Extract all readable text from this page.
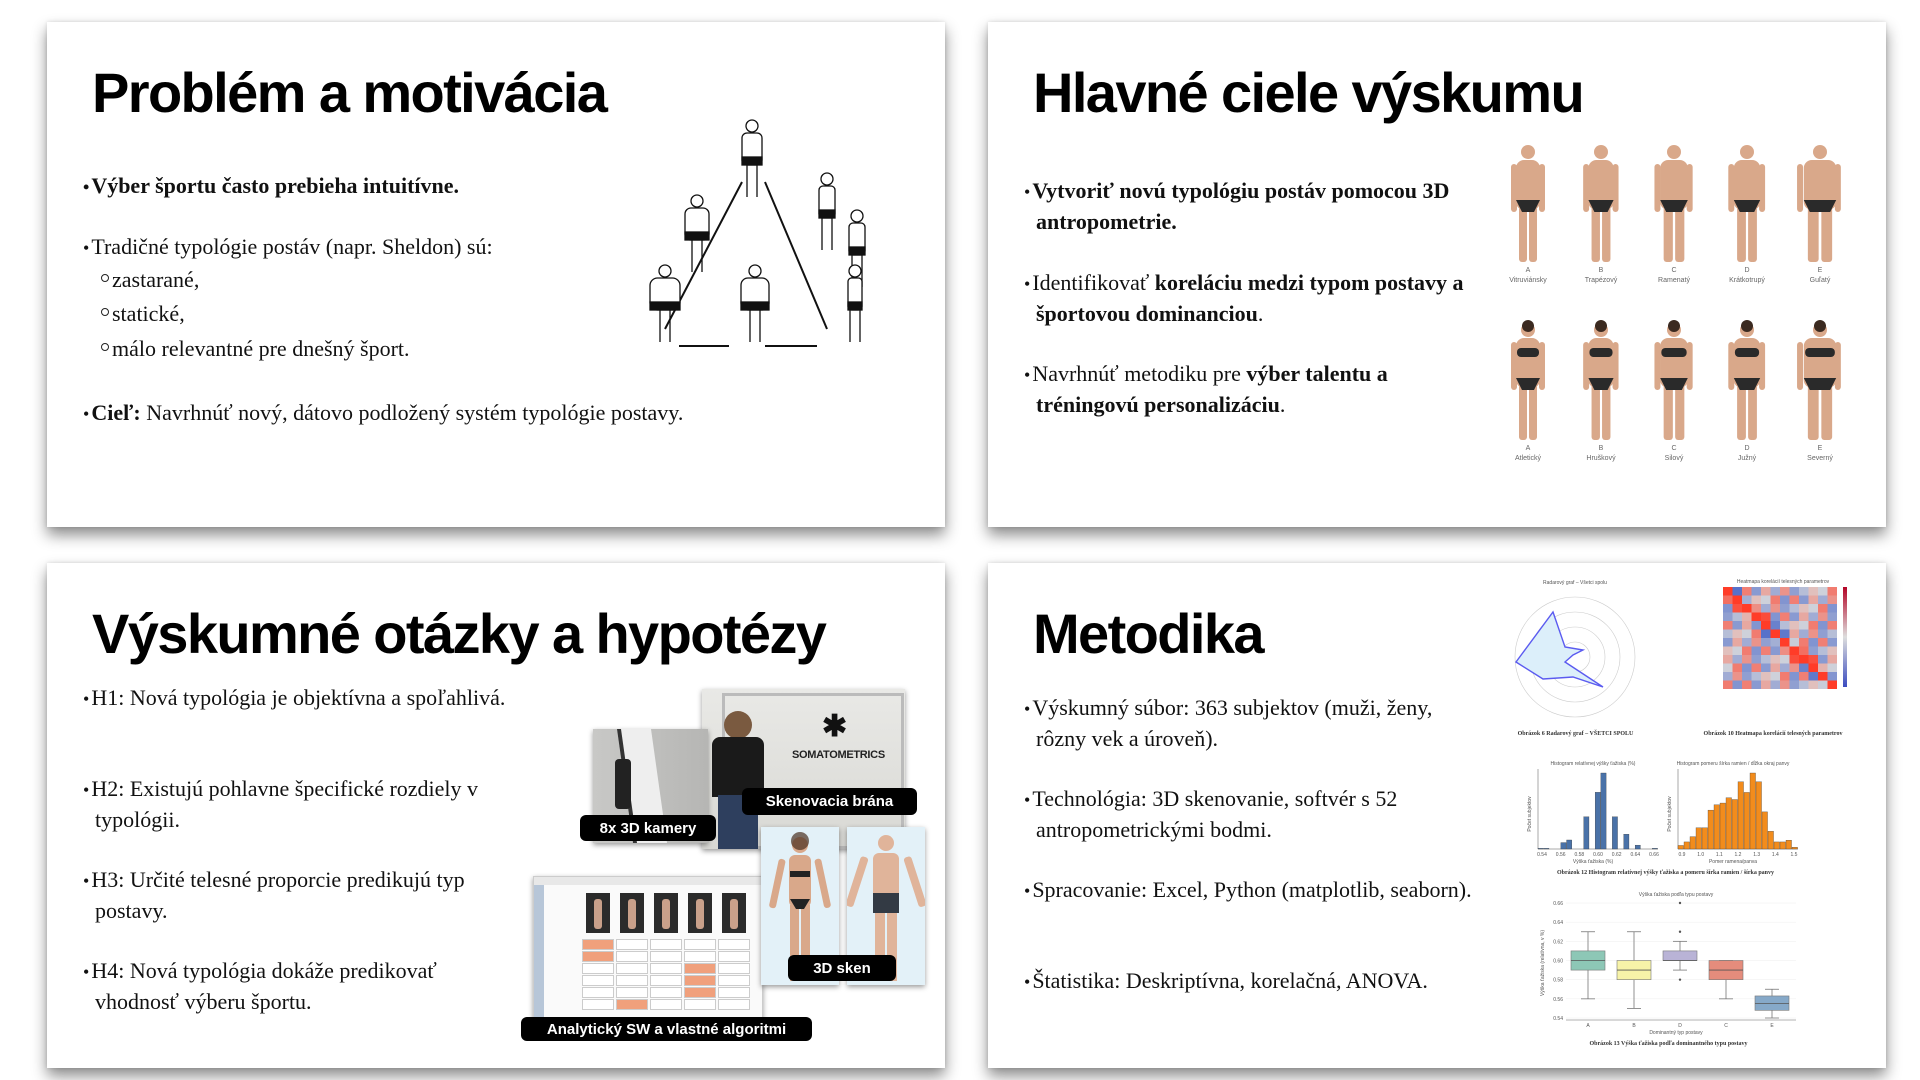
Problém a motivácia
•Výber športu často prebieha intuitívne.
•Tradičné typológie postáv (napr. Sheldon) sú:
zastarané,
statické,
málo relevantné pre dnešný šport.
•Cieľ: Navrhnúť nový, dátovo podložený systém typológie postavy.
Hlavné ciele výskumu
•Vytvoriť novú typológiu postáv pomocou 3D antropometrie.
•Identifikovať koreláciu medzi typom postavy a športovou dominanciou.
•Navrhnúť metodiku pre výber talentu a tréningovú personalizáciu.
A
Vitruviánsky
B
Trapézový
C
Ramenatý
D
Krátkotrupý
E
Guľatý
A
Atletický
B
Hruškový
C
Silový
D
Južný
E
Severný
Výskumné otázky a hypotézy
•H1: Nová typológia je objektívna a spoľahlivá.
•H2: Existujú pohlavne špecifické rozdiely v typológii.
•H3: Určité telesné proporcie predikujú typ postavy.
•H4: Nová typológia dokáže predikovať vhodnosť výberu športu.
✱
SOMATOMETRICS
Skenovacia brána
8x 3D kamery
3D sken
Analytický SW a vlastné algoritmi
Metodika
•Výskumný súbor: 363 subjektov (muži, ženy, rôzny vek a úroveň).
•Technológia: 3D skenovanie, softvér s 52 antropometrickými bodmi.
•Spracovanie: Excel, Python (matplotlib, seaborn).
•Štatistika: Deskriptívna, korelačná, ANOVA.
Radarový graf – Všetci spolu
Obrázok 6 Radarový graf – VŠETCI SPOLU
Heatmapa korelácií telesných parametrov
Obrázok 10 Heatmapa korelácií telesných parametrov
Histogram relatívnej výšky ťažiska (%)	Histogram pomeru šírka ramien / dĺžka okraj panvy
Výška ťažiska (%)	Pomer ramena/panva
Počet subjektov	Počet subjektov
0.54 0.56 0.58 0.60 0.62 0.64 0.66	0.9 1.0 1.1 1.2 1.3 1.4 1.5
Obrázok 12 Histogram relatívnej výšky ťažiska a pomeru šírka ramien / šírka panvy
Výška ťažiska podľa typu postavy
Dominantný typ postavy
Výška ťažiska (relatívna, v %)
0.54
0.56
0.58
0.60
0.62
0.64
0.66
A	B	D	C	E
Obrázok 13 Výška ťažiska podľa dominantného typu postavy
